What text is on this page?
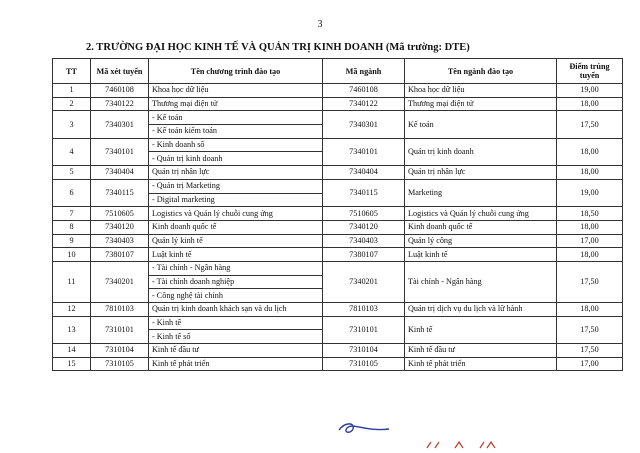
3
2. TRƯỜNG ĐẠI HỌC KINH TẾ VÀ QUẢN TRỊ KINH DOANH (Mã trường: DTE)
TT	Mã xét tuyển	Tên chương trình đào tạo	Mã ngành	Tên ngành đào tạo	Điểm trúng tuyển
1	7460108	Khoa học dữ liệu	7460108	Khoa học dữ liệu	19,00
2	7340122	Thương mại điện tử	7340122	Thương mại điện tử	18,00
3	7340301	- Kế toán	7340301	Kế toán	17,50
		- Kế toán kiểm toán			
4	7340101	- Kinh doanh số	7340101	Quản trị kinh doanh	18,00
		- Quản trị kinh doanh			
5	7340404	Quản trị nhân lực	7340404	Quản trị nhân lực	18,00
6	7340115	- Quản trị Marketing	7340115	Marketing	19,00
		- Digital marketing			
7	7510605	Logistics và Quản lý chuỗi cung ứng	7510605	Logistics và Quản lý chuỗi cung ứng	18,50
8	7340120	Kinh doanh quốc tế	7340120	Kinh doanh quốc tế	18,00
9	7340403	Quản lý kinh tế	7340403	Quản lý công	17,00
10	7380107	Luật kinh tế	7380107	Luật kinh tế	18,00
11	7340201	- Tài chính - Ngân hàng	7340201	Tài chính - Ngân hàng	17,50
		- Tài chính doanh nghiệp			
		- Công nghệ tài chính			
12	7810103	Quản trị kinh doanh khách sạn và du lịch	7810103	Quản trị dịch vụ du lịch và lữ hành	18,00
13	7310101	- Kinh tế	7310101	Kinh tế	17,50
		- Kinh tế số			
14	7310104	Kinh tế đầu tư	7310104	Kinh tế đầu tư	17,50
15	7310105	Kinh tế phát triển	7310105	Kinh tế phát triển	17,00
